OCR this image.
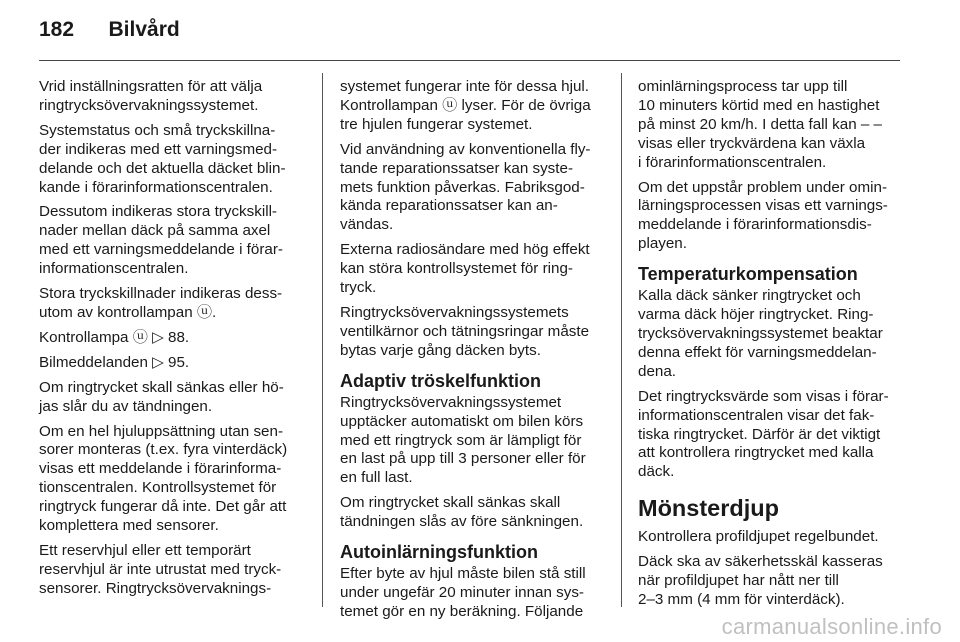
182 Bilvård

Vrid inställningsratten för att välja
ringtrycksövervakningssystemet.

Systemstatus och små tryckskillna-
der indikeras med ett varningsmed-
delande och det aktuella däcket blin-
kande i förarinformationscentralen.

Dessutom indikeras stora tryckskill-
nader mellan däck på samma axel
med ett varningsmeddelande i förar-
informationscentralen.

Stora tryckskillnader indikeras dess-
utom av kontrollampan ⓤ.

Kontrollampa ⓤ ▷ 88.

Bilmeddelanden ▷ 95.

Om ringtrycket skall sänkas eller hö-
jas slår du av tändningen.

Om en hel hjuluppsättning utan sen-
sorer monteras (t.ex. fyra vinterdäck)
visas ett meddelande i förarinforma-
tionscentralen. Kontrollsystemet för
ringtryck fungerar då inte. Det går att
komplettera med sensorer.

Ett reservhjul eller ett temporärt
reservhjul är inte utrustat med tryck-
sensorer. Ringtrycksövervaknings-

systemet fungerar inte för dessa hjul.
Kontrollampan ⓤ lyser. För de övriga
tre hjulen fungerar systemet.

Vid användning av konventionella fly-
tande reparationssatser kan syste-
mets funktion påverkas. Fabriksgod-
kända reparationssatser kan an-
vändas.

Externa radiosändare med hög effekt
kan störa kontrollsystemet för ring-
tryck.

Ringtrycksövervakningssystemets
ventilkärnor och tätningsringar måste
bytas varje gång däcken byts.

Adaptiv tröskelfunktion

Ringtrycksövervakningssystemet
upptäcker automatiskt om bilen körs
med ett ringtryck som är lämpligt för
en last på upp till 3 personer eller för
en full last.

Om ringtrycket skall sänkas skall
tändningen slås av före sänkningen.

Autoinlärningsfunktion

Efter byte av hjul måste bilen stå still
under ungefär 20 minuter innan sys-
temet gör en ny beräkning. Följande

ominlärningsprocess tar upp till
10 minuters körtid med en hastighet
på minst 20 km/h. I detta fall kan ‒ ‒
visas eller tryckvärdena kan växla
i förarinformationscentralen.

Om det uppstår problem under omin-
lärningsprocessen visas ett varnings-
meddelande i förarinformationsdis-
playen.

Temperaturkompensation

Kalla däck sänker ringtrycket och
varma däck höjer ringtrycket. Ring-
trycksövervakningssystemet beaktar
denna effekt för varningsmeddelan-
dena.

Det ringtrycksvärde som visas i förar-
informationscentralen visar det fak-
tiska ringtrycket. Därför är det viktigt
att kontrollera ringtrycket med kalla
däck.

Mönsterdjup

Kontrollera profildjupet regelbundet.

Däck ska av säkerhetsskäl kasseras
när profildjupet har nått ner till
2–3 mm (4 mm för vinterdäck).

carmanualsonline.info
